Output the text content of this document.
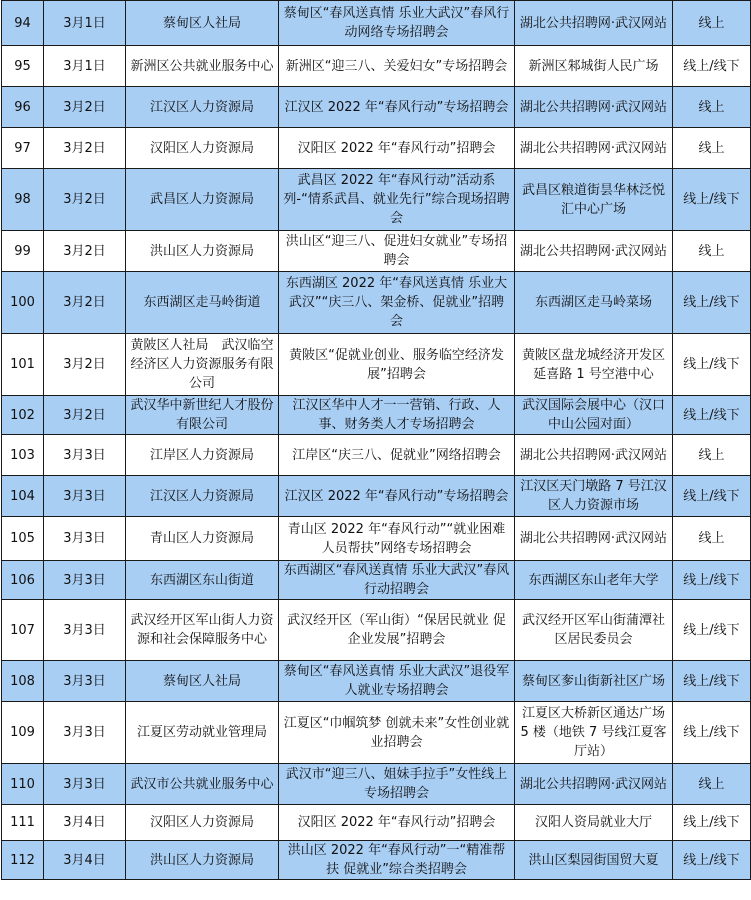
94	3月1日	蔡甸区人社局	蔡甸区“春风送真情 乐业大武汉”春风行动网络专场招聘会	湖北公共招聘网·武汉网站	线上
95	3月1日	新洲区公共就业服务中心	新洲区“迎三八、关爱妇女”专场招聘会	新洲区邾城街人民广场	线上/线下
96	3月2日	江汉区人力资源局	江汉区 2022 年“春风行动”专场招聘会	湖北公共招聘网·武汉网站	线上
97	3月2日	汉阳区人力资源局	汉阳区 2022 年“春风行动”招聘会	湖北公共招聘网·武汉网站	线上
98	3月2日	武昌区人力资源局	武昌区 2022 年“春风行动”活动系列-“情系武昌、就业先行”综合现场招聘会	武昌区粮道街昙华林泛悦汇中心广场	线上/线下
99	3月2日	洪山区人力资源局	洪山区“迎三八、促进妇女就业”专场招聘会	湖北公共招聘网·武汉网站	线上
100	3月2日	东西湖区走马岭街道	东西湖区 2022 年“春风送真情 乐业大武汉”“庆三八、架金桥、促就业”招聘会	东西湖区走马岭菜场	线上/线下
101	3月2日	黄陂区人社局　武汉临空经济区人力资源服务有限公司	黄陂区“促就业创业、服务临空经济发展”招聘会	黄陂区盘龙城经济开发区延喜路 1 号空港中心	线上/线下
102	3月2日	武汉华中新世纪人才股份有限公司	江汉区华中人才一一营销、行政、人事、财务类人才专场招聘会	武汉国际会展中心（汉口中山公园对面）	线上/线下
103	3月3日	江岸区人力资源局	江岸区“庆三八、促就业”网络招聘会	湖北公共招聘网·武汉网站	线上
104	3月3日	江汉区人力资源局	江汉区 2022 年“春风行动”专场招聘会	江汉区天门墩路 7 号江汉区人力资源市场	线上/线下
105	3月3日	青山区人力资源局	青山区 2022 年“春风行动”“就业困难人员帮扶”网络专场招聘会	湖北公共招聘网·武汉网站	线上
106	3月3日	东西湖区东山街道	东西湖区“春风送真情 乐业大武汉”春风行动招聘会	东西湖区东山老年大学	线上/线下
107	3月3日	武汉经开区军山街人力资源和社会保障服务中心	武汉经开区（军山街）“保居民就业 促企业发展”招聘会	武汉经开区军山街蒲潭社区居民委员会	线上/线下
108	3月3日	蔡甸区人社局	蔡甸区“春风送真情 乐业大武汉”退役军人就业专场招聘会	蔡甸区奓山街新社区广场	线上/线下
109	3月3日	江夏区劳动就业管理局	江夏区“巾帼筑梦 创就未来”女性创业就业招聘会	江夏区大桥新区通达广场 5 楼（地铁 7 号线江夏客厅站）	线上/线下
110	3月3日	武汉市公共就业服务中心	武汉市“迎三八、姐妹手拉手”女性线上专场招聘会	湖北公共招聘网·武汉网站	线上
111	3月4日	汉阳区人力资源局	汉阳区 2022 年“春风行动”招聘会	汉阳人资局就业大厅	线上/线下
112	3月4日	洪山区人力资源局	洪山区 2022 年“春风行动”一“精准帮扶 促就业”综合类招聘会	洪山区梨园街国贸大夏	线上/线下
